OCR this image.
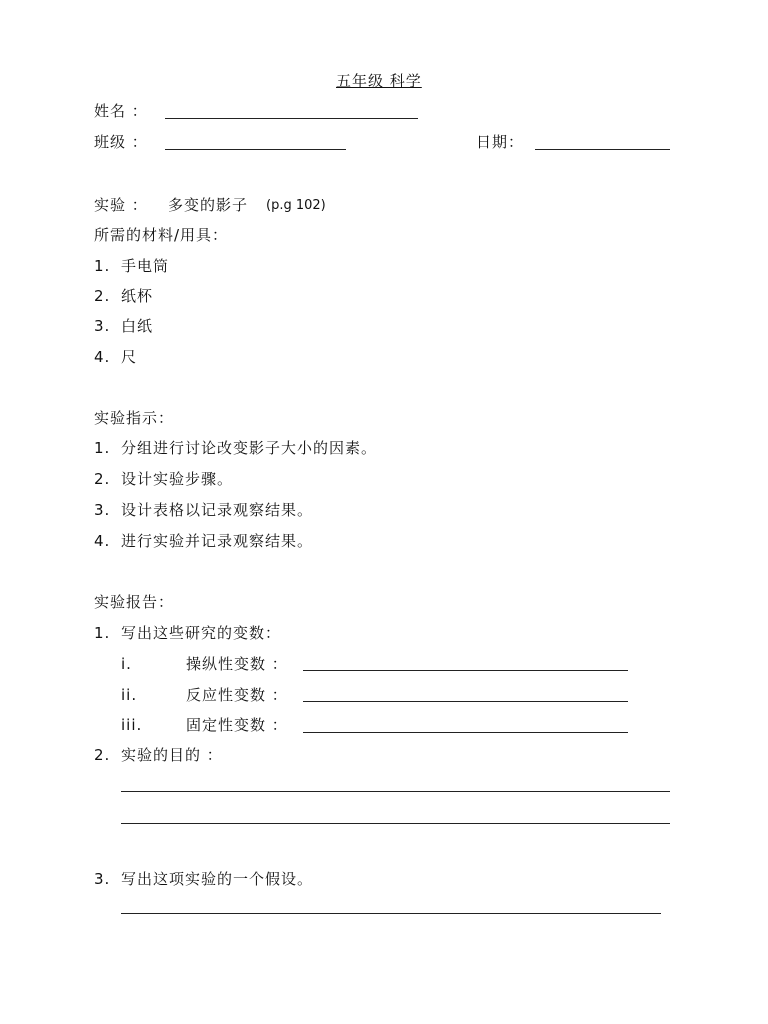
五年级 科学
姓名 ：
班级 ：	日期：
实验 ： 多变的影子 (p.g 102)
所需的材料/用具：
1. 手电筒
2. 纸杯
3. 白纸
4. 尺
实验指示：
1. 分组进行讨论改变影子大小的因素。
2. 设计实验步骤。
3. 设计表格以记录观察结果。
4. 进行实验并记录观察结果。
实验报告：
1. 写出这些研究的变数：
i.	操纵性变数 ：
ii.	反应性变数 ：
iii.	固定性变数 ：
2. 实验的目的 ：
3. 写出这项实验的一个假设。
